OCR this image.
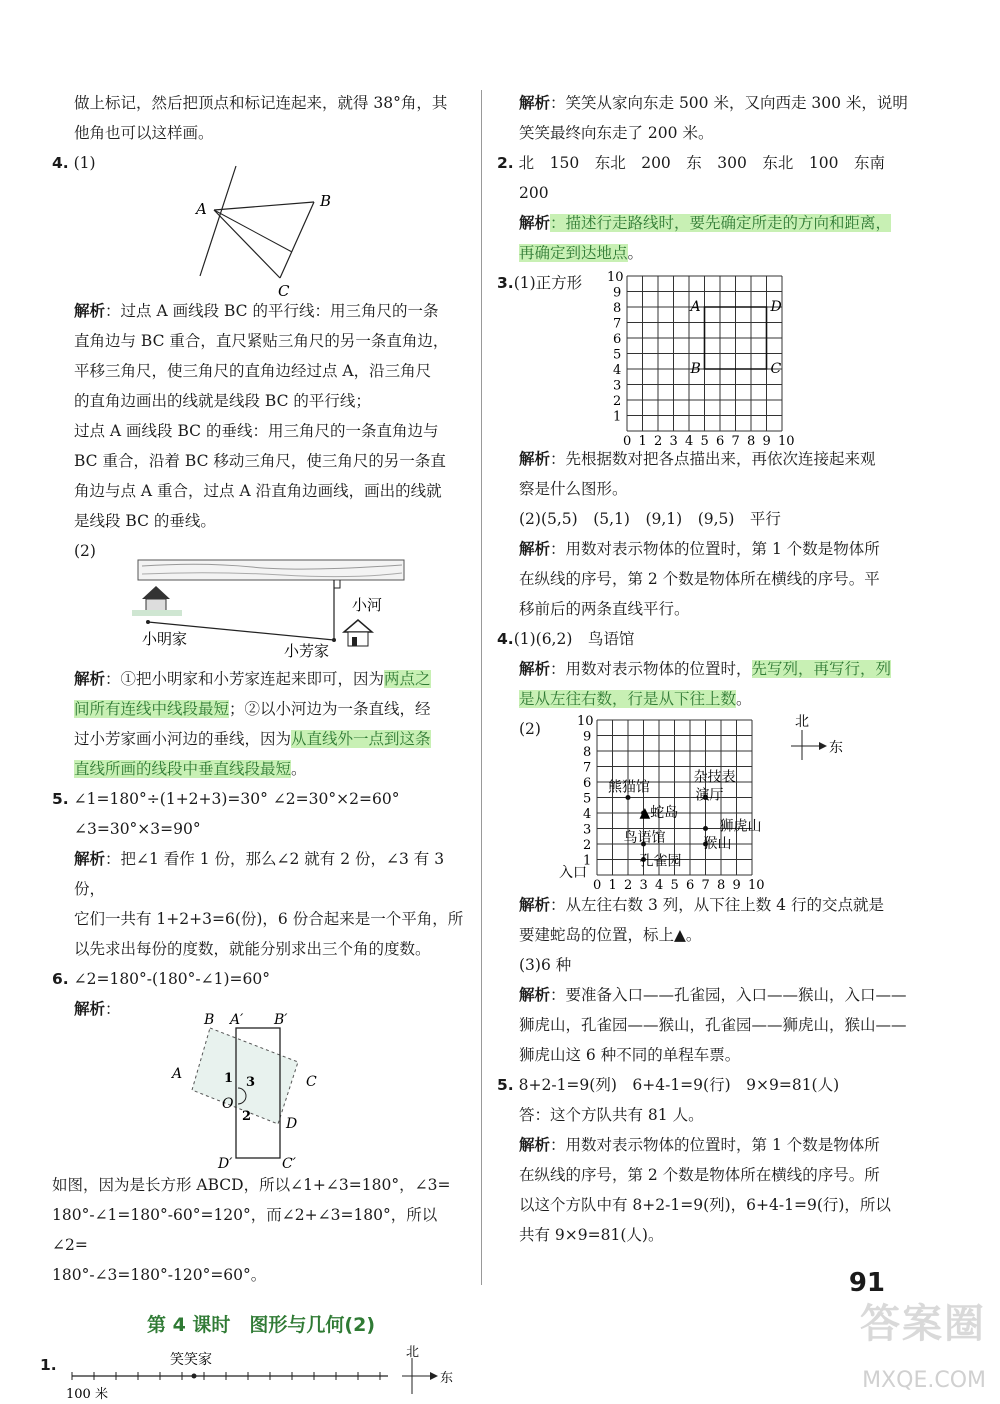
做上标记，然后把顶点和标记连起来，就得 38°角，其

他角也可以这样画。

4. (1)

A	B
C

解析：过点 A 画线段 BC 的平行线：用三角尺的一条

直角边与 BC 重合，直尺紧贴三角尺的另一条直角边，

平移三角尺，使三角尺的直角边经过点 A，沿三角尺

的直角边画出的线就是线段 BC 的平行线；

过点 A 画线段 BC 的垂线：用三角尺的一条直角边与

BC 重合，沿着 BC 移动三角尺，使三角尺的另一条直

角边与点 A 重合，过点 A 沿直角边画线，画出的线就

是线段 BC 的垂线。

(2)

小河
小明家
小芳家

解析：①把小明家和小芳家连起来即可，因为两点之

间所有连线中线段最短；②以小河边为一条直线，经

过小芳家画小河边的垂线，因为从直线外一点到这条

直线所画的线段中垂直线段最短。

5. ∠1=180°÷(1+2+3)=30° ∠2=30°×2=60°

∠3=30°×3=90°

解析：把∠1 看作 1 份，那么∠2 就有 2 份，∠3 有 3 份，

它们一共有 1+2+3=6(份)，6 份合起来是一个平角，所

以先求出每份的度数，就能分别求出三个角的度数。

6. ∠2=180°-(180°-∠1)=60°

解析：

B A′ B′
A	C
D
D′	C′
O
1 3
2

如图，因为是长方形 ABCD，所以∠1+∠3=180°，∠3=

180°-∠1=180°-60°=120°，而∠2+∠3=180°，所以∠2=

180°-∠3=180°-120°=60°。

第 4 课时　图形与几何(2)
1.	笑笑家
100 米
北
东

解析：笑笑从家向东走 500 米，又向西走 300 米，说明

笑笑最终向东走了 200 米。

2. 北　150　东北　200　东　300　东北　100　东南

200

解析：描述行走路线时，要先确定所走的方向和距离，

再确定到达地点。

3.(1)正方形

0 1
1
2
2
3
3
4
4
5
5
6
6
7
7
8
8
9
9
10
10
A	D
B	C

解析：先根据数对把各点描出来，再依次连接起来观

察是什么图形。

(2)(5,5)　(5,1)　(9,1)　(9,5)　平行

解析：用数对表示物体的位置时，第 1 个数是物体所

在纵线的序号，第 2 个数是物体所在横线的序号。平

移前后的两条直线平行。

4.(1)(6,2)　鸟语馆

解析：用数对表示物体的位置时，先写列，再写行，列

是从左往右数，行是从下往上数。

(2)

0 1
1
2
2
3
3
4
4
5
5
6
6
7
7
8
8
9
9
10
10
熊猫馆
杂技表
演厅
▲蛇岛
狮虎山
鸟语馆	猴山
孔雀园
入口
北
东

解析：从左往右数 3 列，从下往上数 4 行的交点就是

要建蛇岛的位置，标上▲。

(3)6 种

解析：要准备入口——孔雀园，入口——猴山，入口——

狮虎山，孔雀园——猴山，孔雀园——狮虎山，猴山——

狮虎山这 6 种不同的单程车票。

5. 8+2-1=9(列)　6+4-1=9(行)　9×9=81(人)

答：这个方队共有 81 人。

解析：用数对表示物体的位置时，第 1 个数是物体所

在纵线的序号，第 2 个数是物体所在横线的序号。所

以这个方队中有 8+2-1=9(列)，6+4-1=9(行)，所以

共有 9×9=81(人)。

91
答案圈
MXQE.COM
